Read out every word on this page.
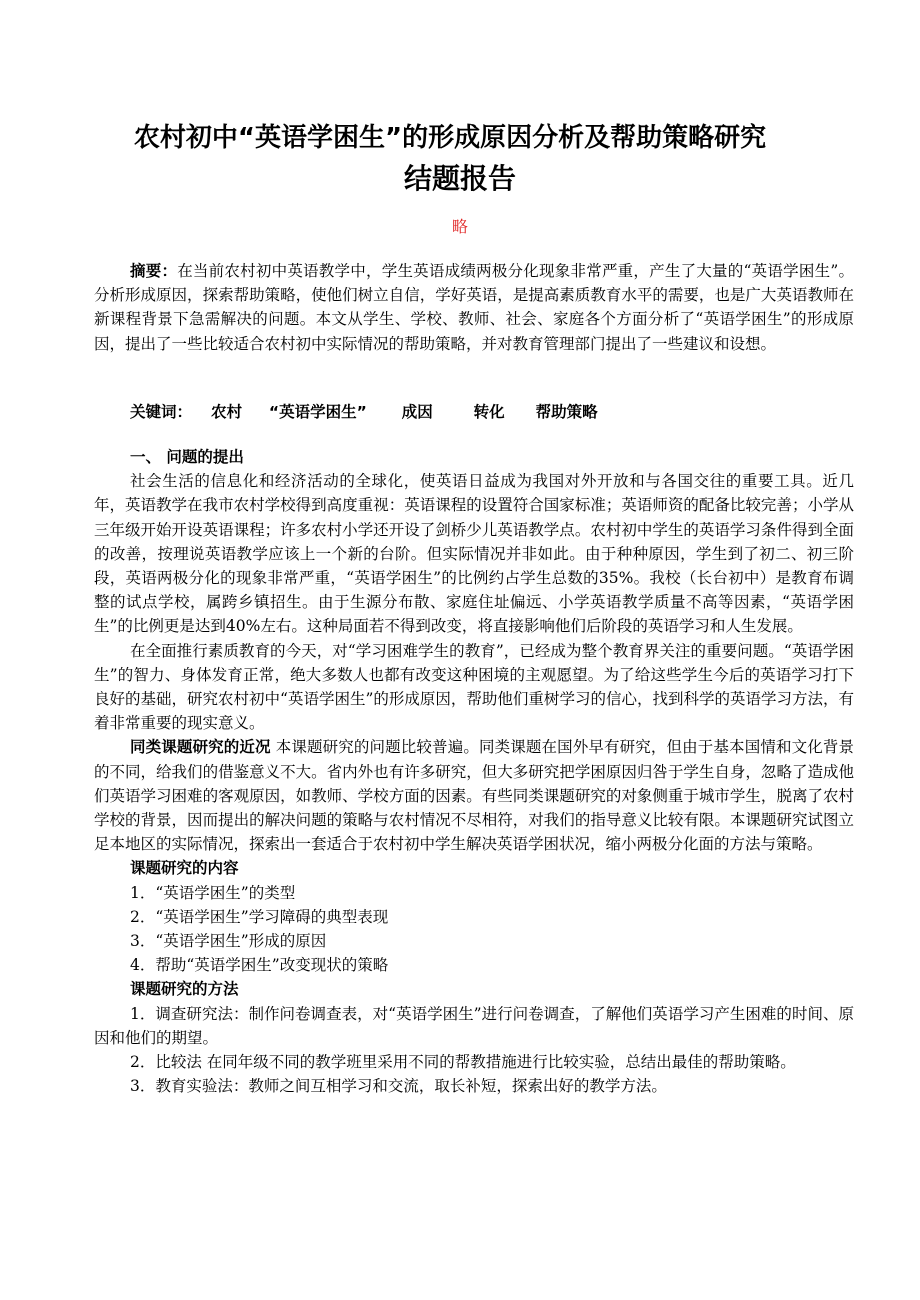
农村初中“英语学困生”的形成原因分析及帮助策略研究
结题报告
略

摘要：在当前农村初中英语教学中，学生英语成绩两极分化现象非常严重，产生了大量的“英语学困生”。分析形成原因，探索帮助策略，使他们树立自信，学好英语，是提高素质教育水平的需要，也是广大英语教师在新课程背景下急需解决的问题。本文从学生、学校、教师、社会、家庭各个方面分析了“英语学困生”的形成原因，提出了一些比较适合农村初中实际情况的帮助策略，并对教育管理部门提出了一些建议和设想。

关键词： 农村 “英语学困生” 成因	转化 帮助策略

一、 问题的提出

社会生活的信息化和经济活动的全球化，使英语日益成为我国对外开放和与各国交往的重要工具。近几年，英语教学在我市农村学校得到高度重视：英语课程的设置符合国家标准；英语师资的配备比较完善；小学从三年级开始开设英语课程；许多农村小学还开设了剑桥少儿英语教学点。农村初中学生的英语学习条件得到全面的改善，按理说英语教学应该上一个新的台阶。但实际情况并非如此。由于种种原因，学生到了初二、初三阶段，英语两极分化的现象非常严重，“英语学困生”的比例约占学生总数的35%。我校（长台初中）是教育布调整的试点学校，属跨乡镇招生。由于生源分布散、家庭住址偏远、小学英语教学质量不高等因素，“英语学困生”的比例更是达到40%左右。这种局面若不得到改变，将直接影响他们后阶段的英语学习和人生发展。

在全面推行素质教育的今天，对“学习困难学生的教育”，已经成为整个教育界关注的重要问题。“英语学困生”的智力、身体发育正常，绝大多数人也都有改变这种困境的主观愿望。为了给这些学生今后的英语学习打下良好的基础，研究农村初中“英语学困生”的形成原因，帮助他们重树学习的信心，找到科学的英语学习方法，有着非常重要的现实意义。

同类课题研究的近况 本课题研究的问题比较普遍。同类课题在国外早有研究，但由于基本国情和文化背景的不同，给我们的借鉴意义不大。省内外也有许多研究，但大多研究把学困原因归咎于学生自身，忽略了造成他们英语学习困难的客观原因，如教师、学校方面的因素。有些同类课题研究的对象侧重于城市学生，脱离了农村学校的背景，因而提出的解决问题的策略与农村情况不尽相符，对我们的指导意义比较有限。本课题研究试图立足本地区的实际情况，探索出一套适合于农村初中学生解决英语学困状况，缩小两极分化面的方法与策略。

课题研究的内容

1．“英语学困生”的类型

2．“英语学困生”学习障碍的典型表现

3．“英语学困生”形成的原因

4．帮助“英语学困生”改变现状的策略

课题研究的方法

1．调查研究法：制作问卷调查表，对“英语学困生”进行问卷调查，了解他们英语学习产生困难的时间、原因和他们的期望。

2．比较法 在同年级不同的教学班里采用不同的帮教措施进行比较实验，总结出最佳的帮助策略。

3．教育实验法：教师之间互相学习和交流，取长补短，探索出好的教学方法。
